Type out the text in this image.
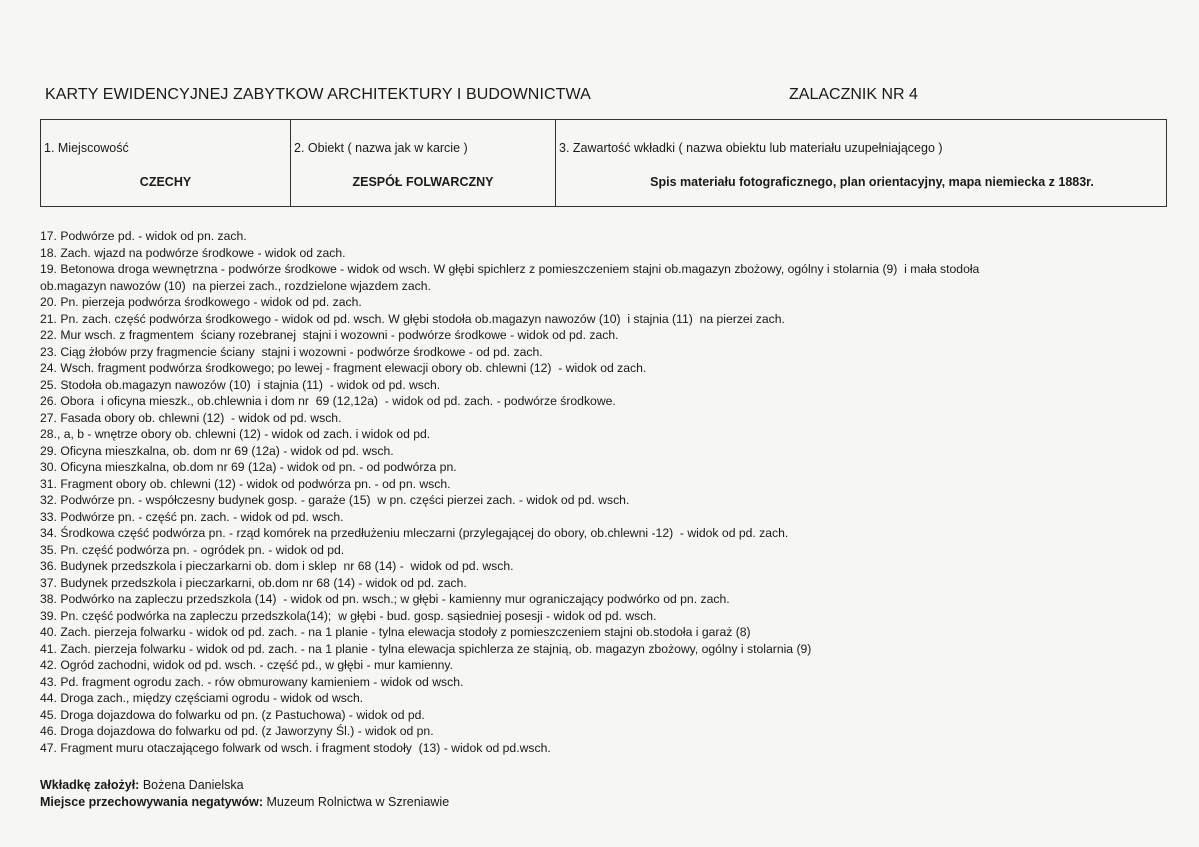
KARTY EWIDENCYJNEJ ZABYTKOW ARCHITEKTURY I BUDOWNICTWA	ZALACZNIK NR 4
1. Miejscowość
CZECHY
2. Obiekt ( nazwa jak w karcie )
ZESPÓŁ FOLWARCZNY
3. Zawartość wkładki ( nazwa obiektu lub materiału uzupełniającego )
Spis materiału fotograficznego, plan orientacyjny, mapa niemiecka z 1883r.
17. Podwórze pd. - widok od pn. zach.
18. Zach. wjazd na podwórze środkowe - widok od zach.
19. Betonowa droga wewnętrzna - podwórze środkowe - widok od wsch. W głębi spichlerz z pomieszczeniem stajni ob.magazyn zbożowy, ogólny i stolarnia (9)  i mała stodoła
ob.magazyn nawozów (10)  na pierzei zach., rozdzielone wjazdem zach.
20. Pn. pierzeja podwórza środkowego - widok od pd. zach.
21. Pn. zach. część podwórza środkowego - widok od pd. wsch. W głębi stodoła ob.magazyn nawozów (10)  i stajnia (11)  na pierzei zach.
22. Mur wsch. z fragmentem  ściany rozebranej  stajni i wozowni - podwórze środkowe - widok od pd. zach.
23. Ciąg żłobów przy fragmencie ściany  stajni i wozowni - podwórze środkowe - od pd. zach.
24. Wsch. fragment podwórza środkowego; po lewej - fragment elewacji obory ob. chlewni (12)  - widok od zach.
25. Stodoła ob.magazyn nawozów (10)  i stajnia (11)  - widok od pd. wsch.
26. Obora  i oficyna mieszk., ob.chlewnia i dom nr  69 (12,12a)  - widok od pd. zach. - podwórze środkowe.
27. Fasada obory ob. chlewni (12)  - widok od pd. wsch.
28., a, b - wnętrze obory ob. chlewni (12) - widok od zach. i widok od pd.
29. Oficyna mieszkalna, ob. dom nr 69 (12a) - widok od pd. wsch.
30. Oficyna mieszkalna, ob.dom nr 69 (12a) - widok od pn. - od podwórza pn.
31. Fragment obory ob. chlewni (12) - widok od podwórza pn. - od pn. wsch.
32. Podwórze pn. - współczesny budynek gosp. - garaże (15)  w pn. części pierzei zach. - widok od pd. wsch.
33. Podwórze pn. - część pn. zach. - widok od pd. wsch.
34. Środkowa część podwórza pn. - rząd komórek na przedłużeniu mleczarni (przylegającej do obory, ob.chlewni -12)  - widok od pd. zach.
35. Pn. część podwórza pn. - ogródek pn. - widok od pd.
36. Budynek przedszkola i pieczarkarni ob. dom i sklep  nr 68 (14) -  widok od pd. wsch.
37. Budynek przedszkola i pieczarkarni, ob.dom nr 68 (14) - widok od pd. zach.
38. Podwórko na zapleczu przedszkola (14)  - widok od pn. wsch.; w głębi - kamienny mur ograniczający podwórko od pn. zach.
39. Pn. część podwórka na zapleczu przedszkola(14);  w głębi - bud. gosp. sąsiedniej posesji - widok od pd. wsch.
40. Zach. pierzeja folwarku - widok od pd. zach. - na 1 planie - tylna elewacja stodoły z pomieszczeniem stajni ob.stodoła i garaż (8)
41. Zach. pierzeja folwarku - widok od pd. zach. - na 1 planie - tylna elewacja spichlerza ze stajnią, ob. magazyn zbożowy, ogólny i stolarnia (9)
42. Ogród zachodni, widok od pd. wsch. - część pd., w głębi - mur kamienny.
43. Pd. fragment ogrodu zach. - rów obmurowany kamieniem - widok od wsch.
44. Droga zach., między częściami ogrodu - widok od wsch.
45. Droga dojazdowa do folwarku od pn. (z Pastuchowa) - widok od pd.
46. Droga dojazdowa do folwarku od pd. (z Jaworzyny Śl.) - widok od pn.
47. Fragment muru otaczającego folwark od wsch. i fragment stodoły  (13) - widok od pd.wsch.
Wkładkę założył: Bożena Danielska
Miejsce przechowywania negatywów: Muzeum Rolnictwa w Szreniawie
